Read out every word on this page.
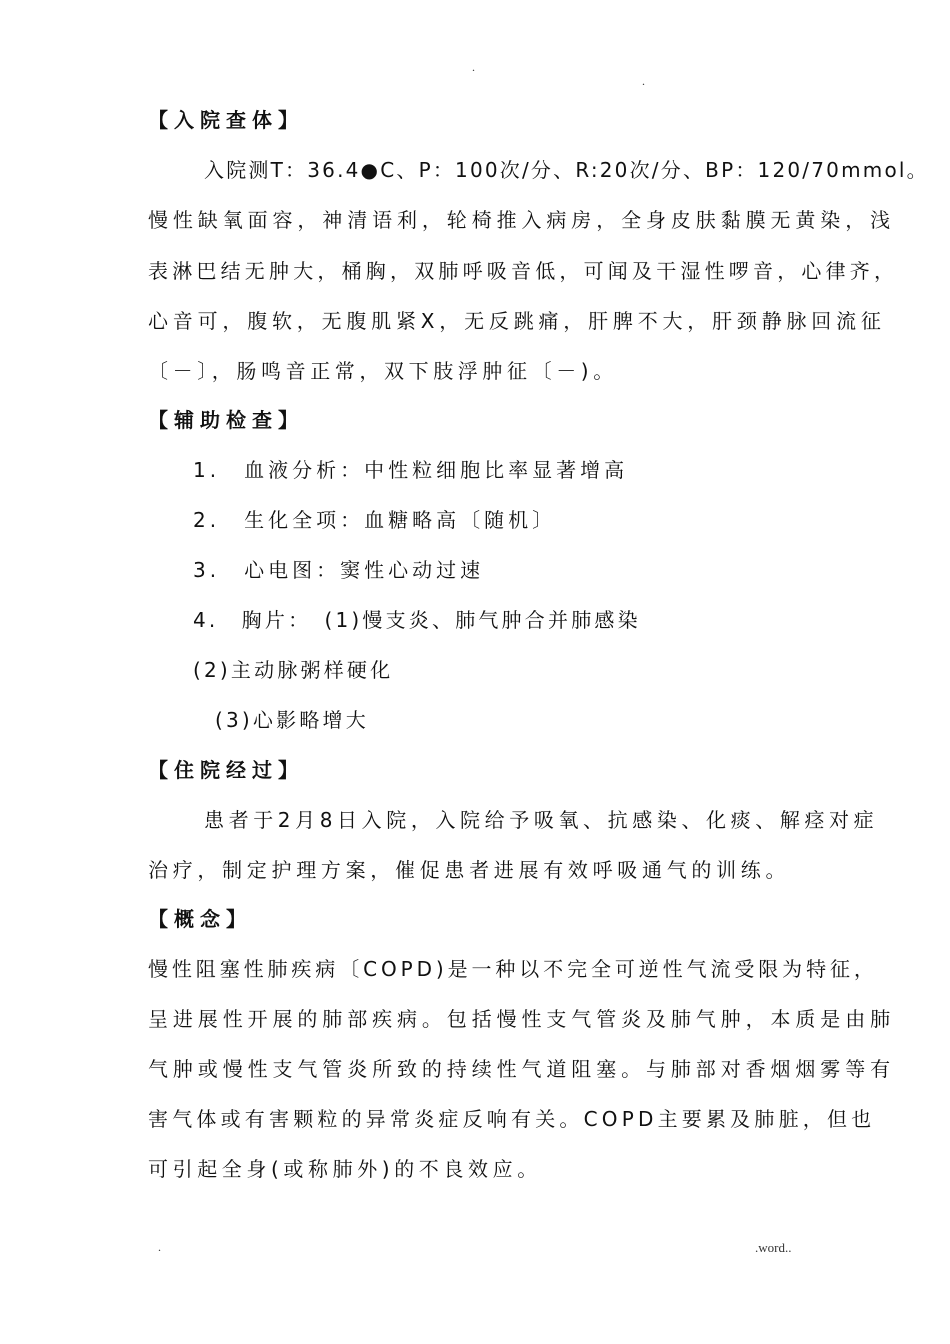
.
.
【入院查体】
入院测T：36.4●C、P：100次/分、R:20次/分、BP：120/70mmol。
慢性缺氧面容，神清语利，轮椅推入病房，全身皮肤黏膜无黄染，浅
表淋巴结无肿大，桶胸，双肺呼吸音低，可闻及干湿性啰音，心律齐，
心音可，腹软，无腹肌紧X，无反跳痛，肝脾不大，肝颈静脉回流征
〔－〕，肠鸣音正常，双下肢浮肿征〔－)。
【辅助检查】
1.　血液分析：中性粒细胞比率显著增高
2.　生化全项：血糖略高〔随机〕
3.　心电图：窦性心动过速
4.　胸片：　(1)慢支炎、肺气肿合并肺感染
(2)主动脉粥样硬化
(3)心影略增大
【住院经过】
患者于2月8日入院，入院给予吸氧、抗感染、化痰、解痉对症
治疗，制定护理方案，催促患者进展有效呼吸通气的训练。
【概念】
慢性阻塞性肺疾病〔COPD)是一种以不完全可逆性气流受限为特征，
呈进展性开展的肺部疾病。包括慢性支气管炎及肺气肿，本质是由肺
气肿或慢性支气管炎所致的持续性气道阻塞。与肺部对香烟烟雾等有
害气体或有害颗粒的异常炎症反响有关。COPD主要累及肺脏，但也
可引起全身(或称肺外)的不良效应。
.	.word..
